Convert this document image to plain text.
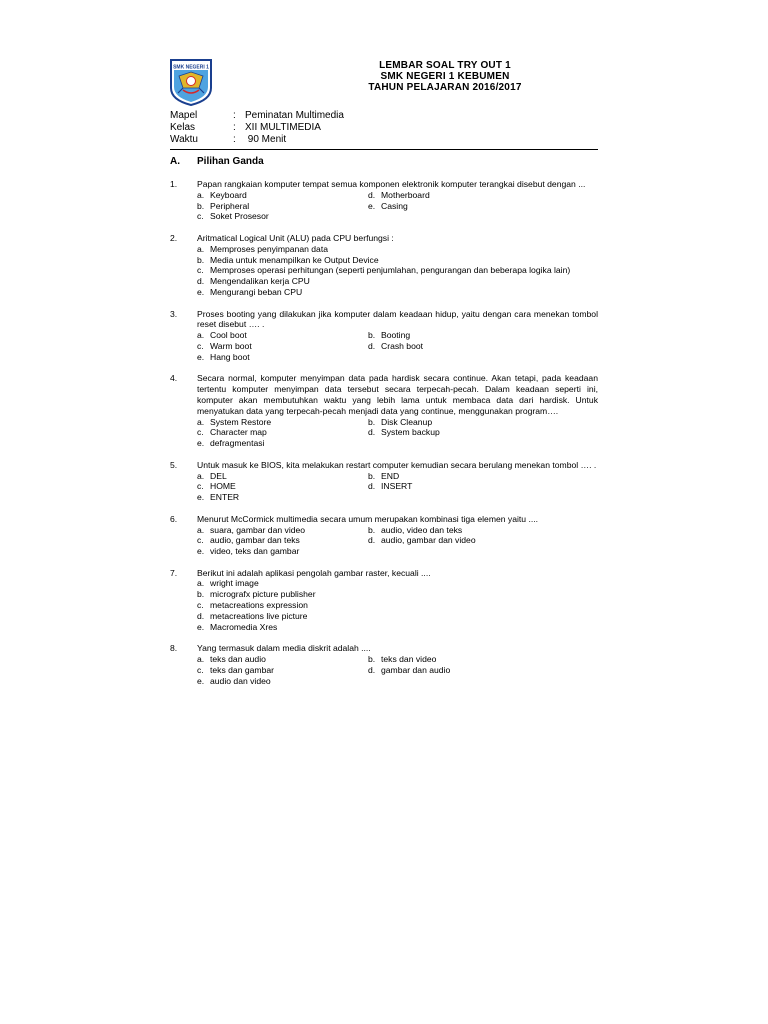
SMK NEGERI 1	LEMBAR SOAL TRY OUT 1
SMK NEGERI 1 KEBUMEN
TAHUN PELAJARAN 2016/2017
Mapel	: Peminatan Multimedia
Kelas	: XII MULTIMEDIA
Waktu	: 90 Menit
A.	Pilihan Ganda
1.	Papan rangkaian komputer tempat semua komponen elektronik komputer terangkai disebut dengan ...
a. Keyboard	d. Motherboard
b. Peripheral	e. Casing
c. Soket Prosesor
2.	Aritmatical Logical Unit (ALU) pada CPU berfungsi :
a. Memproses penyimpanan data
b. Media untuk menampilkan ke Output Device
c. Memproses operasi perhitungan (seperti penjumlahan, pengurangan dan beberapa logika lain)
d. Mengendalikan kerja CPU
e. Mengurangi beban CPU
3.	Proses booting yang dilakukan jika komputer dalam keadaan hidup, yaitu dengan cara menekan tombol reset disebut …. .
a. Cool boot	b. Booting
c. Warm boot	d. Crash boot
e. Hang boot
4.	Secara normal, komputer menyimpan data pada hardisk secara continue. Akan tetapi, pada keadaan tertentu komputer menyimpan data tersebut secara terpecah-pecah. Dalam keadaan seperti ini, komputer akan membutuhkan waktu yang lebih lama untuk membaca data dari hardisk. Untuk menyatukan data yang terpecah-pecah menjadi data yang continue, menggunakan program….
a. System Restore	b. Disk Cleanup
c. Character map	d. System backup
e. defragmentasi
5.	Untuk masuk ke BIOS, kita melakukan restart computer kemudian secara berulang menekan tombol …. .
a. DEL	b. END
c. HOME	d. INSERT
e. ENTER
6.	Menurut McCormick multimedia secara umum merupakan kombinasi tiga elemen yaitu ....
a. suara, gambar dan video	b. audio, video dan teks
c. audio, gambar dan teks	d. audio, gambar dan video
e. video, teks dan gambar
7.	Berikut ini adalah aplikasi pengolah gambar raster, kecuali ....
a. wright image
b. micrografx picture publisher
c. metacreations expression
d. metacreations live picture
e. Macromedia Xres
8.	Yang termasuk dalam media diskrit adalah ....
a. teks dan audio	b. teks dan video
c. teks dan gambar	d. gambar dan audio
e. audio dan video
